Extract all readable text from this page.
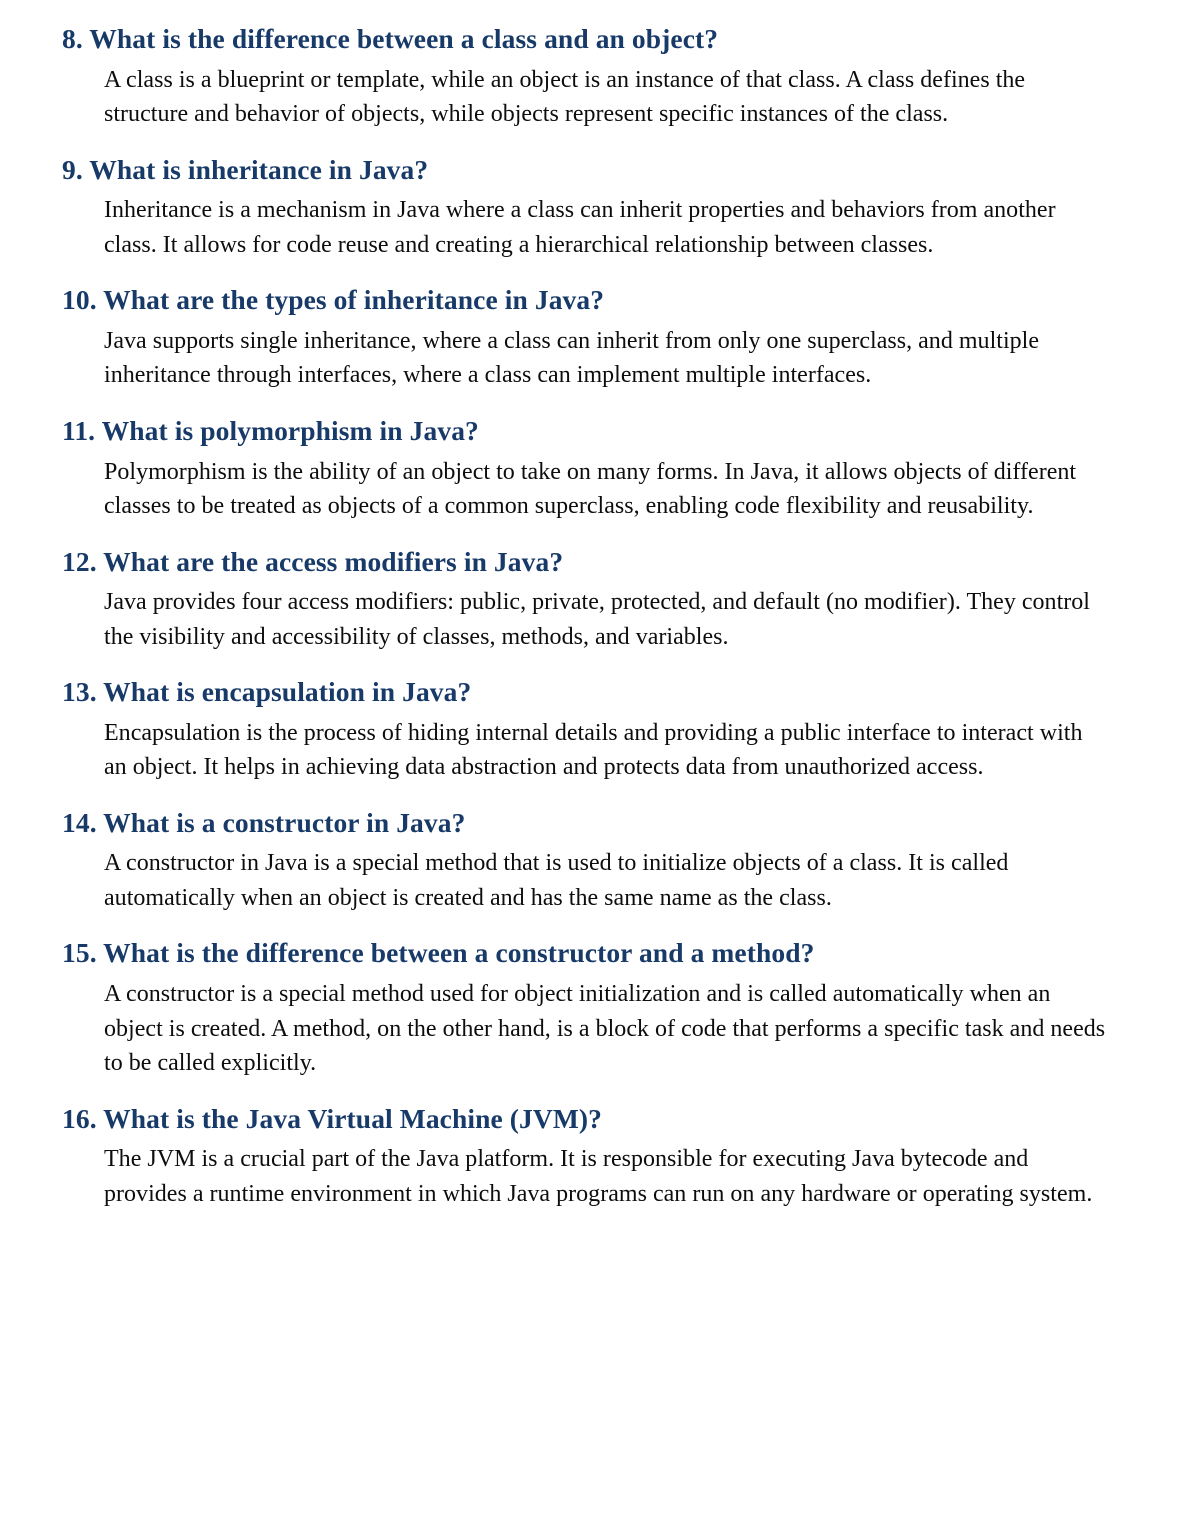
8. What is the difference between a class and an object?

A class is a blueprint or template, while an object is an instance of that class. A class defines the structure and behavior of objects, while objects represent specific instances of the class.

9. What is inheritance in Java?

Inheritance is a mechanism in Java where a class can inherit properties and behaviors from another class. It allows for code reuse and creating a hierarchical relationship between classes.

10. What are the types of inheritance in Java?

Java supports single inheritance, where a class can inherit from only one superclass, and multiple inheritance through interfaces, where a class can implement multiple interfaces.

11. What is polymorphism in Java?

Polymorphism is the ability of an object to take on many forms. In Java, it allows objects of different classes to be treated as objects of a common superclass, enabling code flexibility and reusability.

12. What are the access modifiers in Java?

Java provides four access modifiers: public, private, protected, and default (no modifier). They control the visibility and accessibility of classes, methods, and variables.

13. What is encapsulation in Java?

Encapsulation is the process of hiding internal details and providing a public interface to interact with an object. It helps in achieving data abstraction and protects data from unauthorized access.

14. What is a constructor in Java?

A constructor in Java is a special method that is used to initialize objects of a class. It is called automatically when an object is created and has the same name as the class.

15. What is the difference between a constructor and a method?

A constructor is a special method used for object initialization and is called automatically when an object is created. A method, on the other hand, is a block of code that performs a specific task and needs to be called explicitly.

16. What is the Java Virtual Machine (JVM)?

The JVM is a crucial part of the Java platform. It is responsible for executing Java bytecode and provides a runtime environment in which Java programs can run on any hardware or operating system.
